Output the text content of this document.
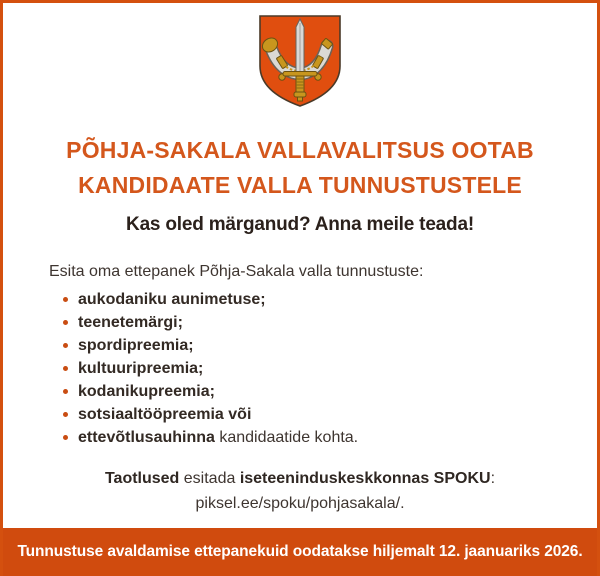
PÕHJA-SAKALA VALLAVALITSUS OOTAB
KANDIDAATE VALLA TUNNUSTUSTELE
Kas oled märganud? Anna meile teada!
Esita oma ettepanek Põhja-Sakala valla tunnustuste:
aukodaniku aunimetuse;
teenetemärgi;
spordipreemia;
kultuuripreemia;
kodanikupreemia;
sotsiaaltööpreemia või
ettevõtlusauhinna kandidaatide kohta.
Taotlused esitada iseteeninduskeskkonnas SPOKU:
piksel.ee/spoku/pohjasakala/.
Tunnustuse avaldamise ettepanekuid oodatakse hiljemalt 12. jaanuariks 2026.
